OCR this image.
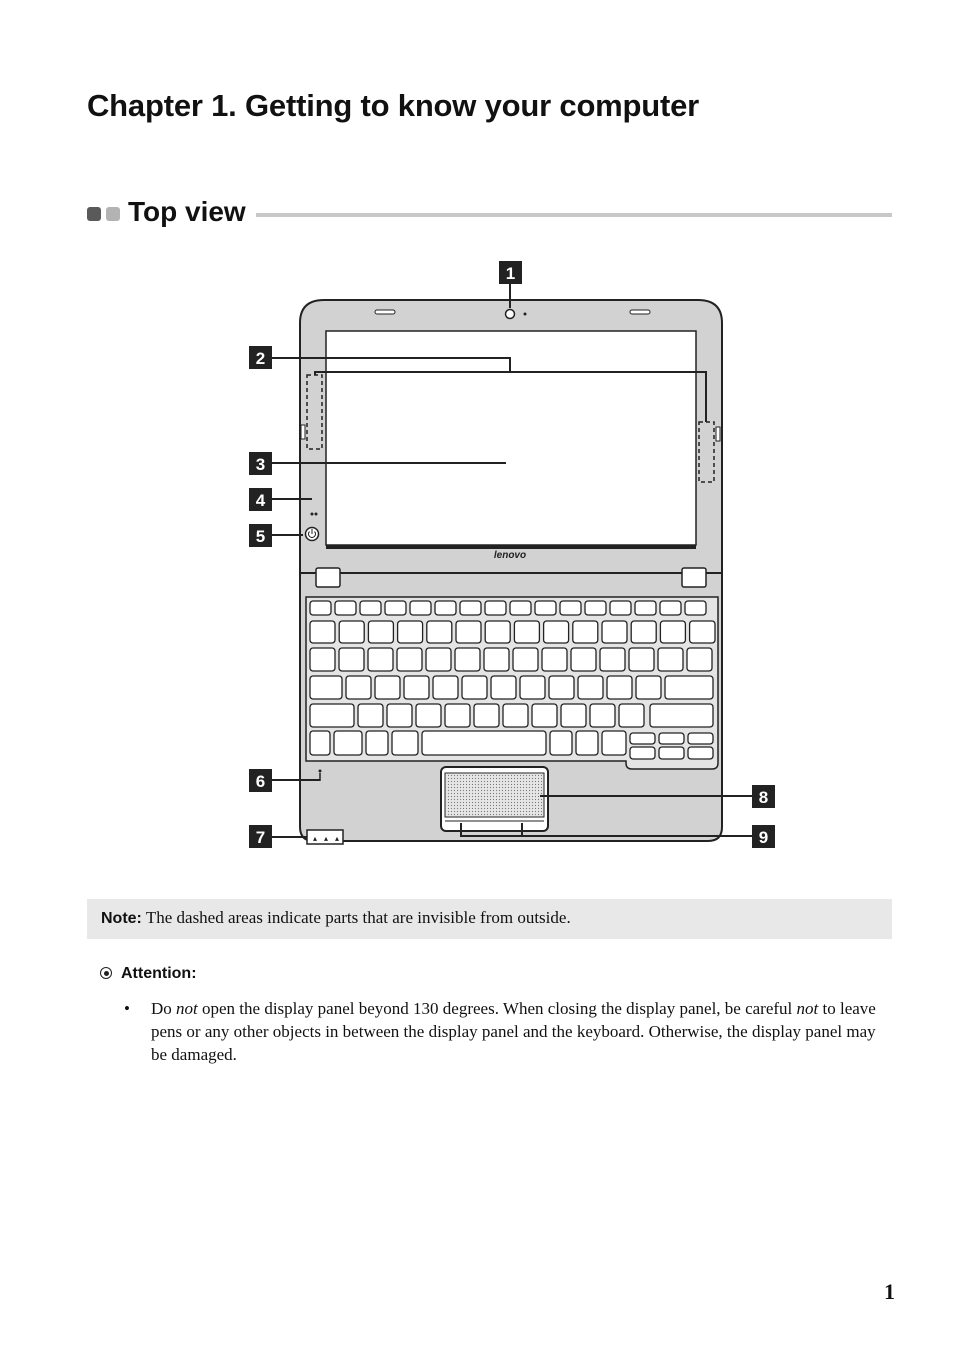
Chapter 1. Getting to know your computer
Top view
lenovo
▴ ▴ ▴
1
2
3
4
5
6
7
8
9
Note: The dashed areas indicate parts that are invisible from outside.
Attention:
• Do not open the display panel beyond 130 degrees. When closing the display panel, be careful not to leave pens or any other objects in between the display panel and the keyboard. Otherwise, the display panel may be damaged.
1
